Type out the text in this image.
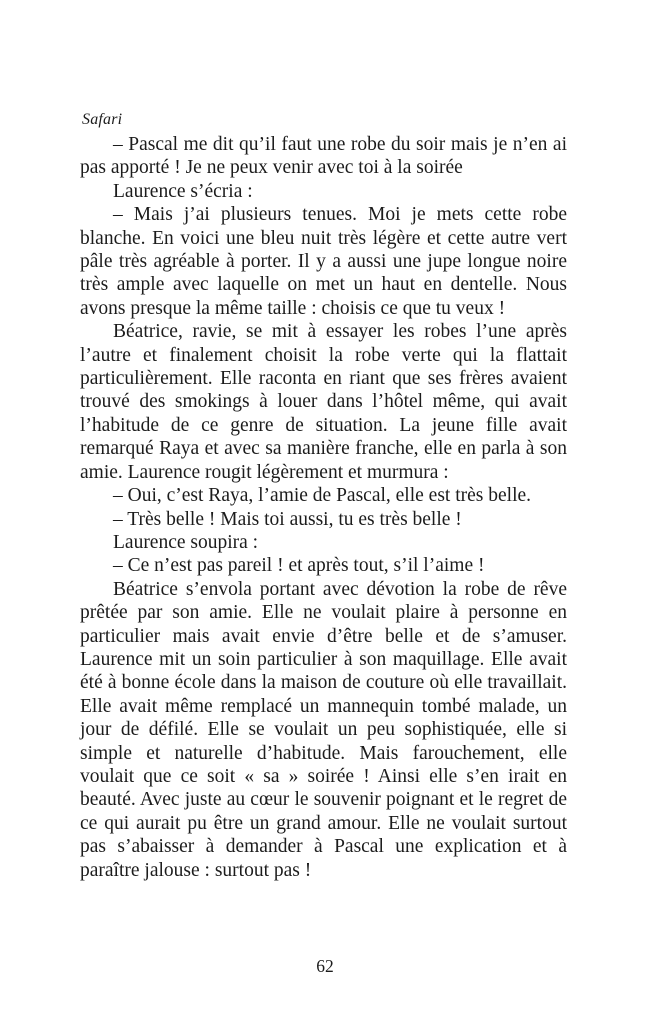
Safari

– Pascal me dit qu’il faut une robe du soir mais je n’en ai pas apporté ! Je ne peux venir avec toi à la soirée

Laurence s’écria :

– Mais j’ai plusieurs tenues. Moi je mets cette robe blanche. En voici une bleu nuit très légère et cette autre vert pâle très agréable à porter. Il y a aussi une jupe longue noire très ample avec laquelle on met un haut en dentelle. Nous avons presque la même taille : choisis ce que tu veux !

Béatrice, ravie, se mit à essayer les robes l’une après l’autre et finalement choisit la robe verte qui la flattait particulièrement. Elle raconta en riant que ses frères avaient trouvé des smokings à louer dans l’hôtel même, qui avait l’habitude de ce genre de situation. La jeune fille avait remarqué Raya et avec sa manière franche, elle en parla à son amie. Laurence rougit légèrement et murmura :

– Oui, c’est Raya, l’amie de Pascal, elle est très belle.

– Très belle ! Mais toi aussi, tu es très belle !

Laurence soupira :

– Ce n’est pas pareil ! et après tout, s’il l’aime !

Béatrice s’envola portant avec dévotion la robe de rêve prêtée par son amie. Elle ne voulait plaire à personne en particulier mais avait envie d’être belle et de s’amuser. Laurence mit un soin particulier à son maquillage. Elle avait été à bonne école dans la maison de couture où elle travaillait. Elle avait même remplacé un mannequin tombé malade, un jour de défilé. Elle se voulait un peu sophistiquée, elle si simple et naturelle d’habitude. Mais farouchement, elle voulait que ce soit « sa » soirée ! Ainsi elle s’en irait en beauté. Avec juste au cœur le souvenir poignant et le regret de ce qui aurait pu être un grand amour. Elle ne voulait surtout pas s’abaisser à demander à Pascal une explication et à paraître jalouse : surtout pas !

62
